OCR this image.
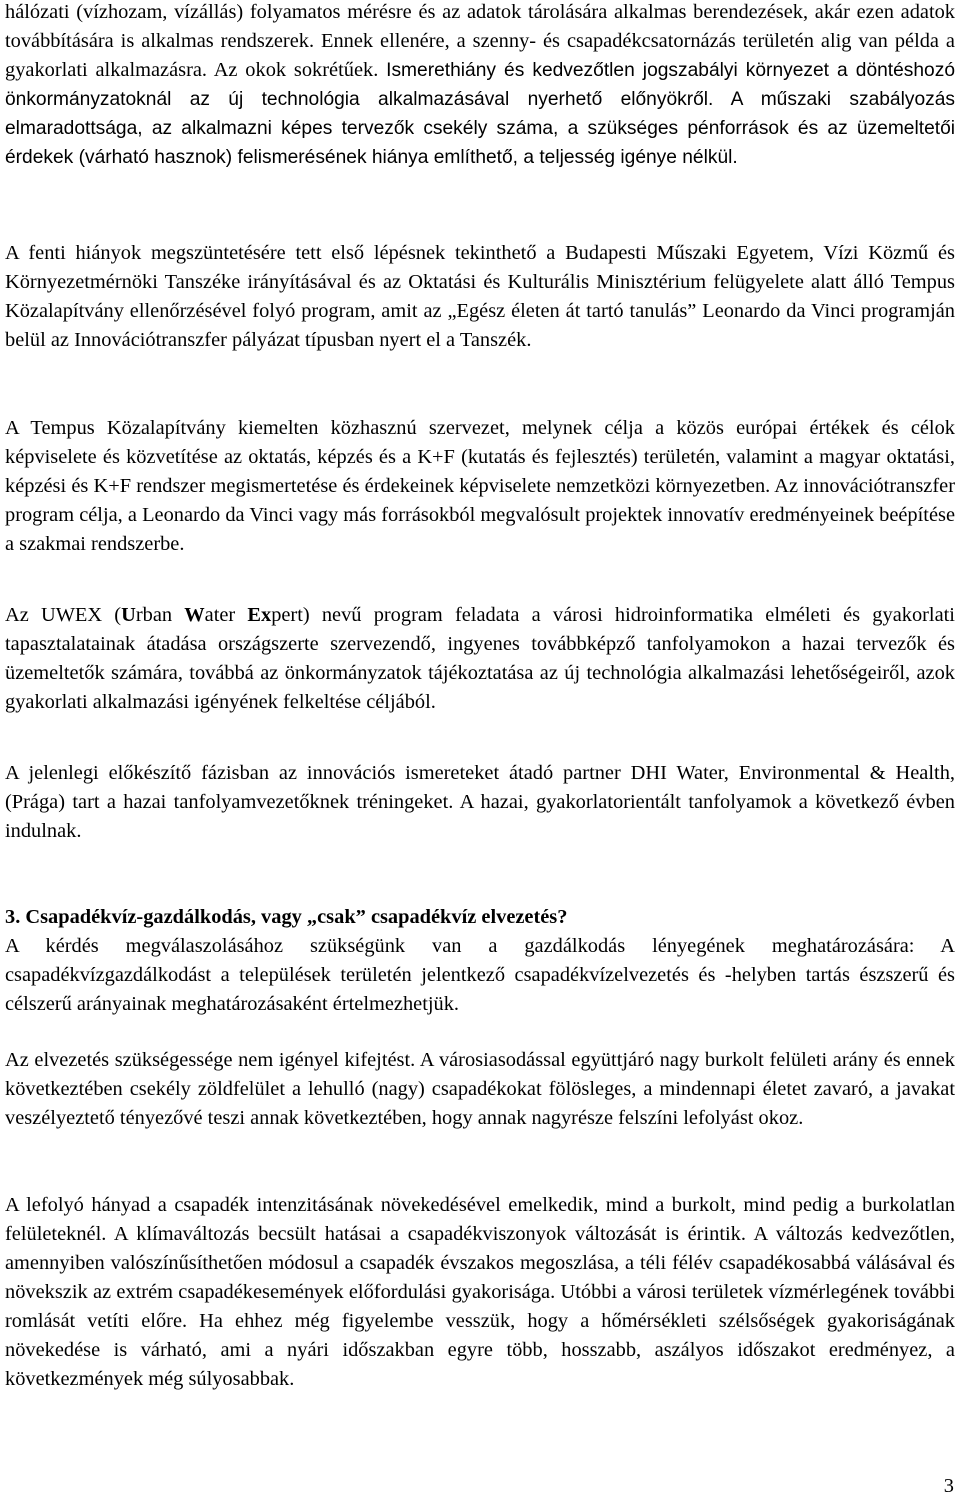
hálózati (vízhozam, vízállás) folyamatos mérésre és az adatok tárolására alkalmas berendezések, akár ezen adatok továbbítására is alkalmas rendszerek. Ennek ellenére, a szenny- és csapadékcsatornázás területén alig van példa a gyakorlati alkalmazásra. Az okok sokrétűek. Ismerethiány és kedvezőtlen jogszabályi környezet a döntéshozó önkormányzatoknál az új technológia alkalmazásával nyerhető előnyökről. A műszaki szabályozás elmaradottsága, az alkalmazni képes tervezők csekély száma, a szükséges pénforrások és az üzemeltetői érdekek (várható hasznok) felismerésének hiánya említhető, a teljesség igénye nélkül.

A fenti hiányok megszüntetésére tett első lépésnek tekinthető a Budapesti Műszaki Egyetem, Vízi Közmű és Környezetmérnöki Tanszéke irányításával és az Oktatási és Kulturális Minisztérium felügyelete alatt álló Tempus Közalapítvány ellenőrzésével folyó program, amit az „Egész életen át tartó tanulás” Leonardo da Vinci programján belül az Innovációtranszfer pályázat típusban nyert el a Tanszék.

A Tempus Közalapítvány kiemelten közhasznú szervezet, melynek célja a közös európai értékek és célok képviselete és közvetítése az oktatás, képzés és a K+F (kutatás és fejlesztés) területén, valamint a magyar oktatási, képzési és K+F rendszer megismertetése és érdekeinek képviselete nemzetközi környezetben. Az innovációtranszfer program célja, a Leonardo da Vinci vagy más forrásokból megvalósult projektek innovatív eredményeinek beépítése a szakmai rendszerbe.

Az UWEX (Urban Water Expert) nevű program feladata a városi hidroinformatika elméleti és gyakorlati tapasztalatainak átadása országszerte szervezendő, ingyenes továbbképző tanfolyamokon a hazai tervezők és üzemeltetők számára, továbbá az önkormányzatok tájékoztatása az új technológia alkalmazási lehetőségeiről, azok gyakorlati alkalmazási igényének felkeltése céljából.

A jelenlegi előkészítő fázisban az innovációs ismereteket átadó partner DHI Water, Environmental & Health, (Prága) tart a hazai tanfolyamvezetőknek tréningeket. A hazai, gyakorlatorientált tanfolyamok a következő évben indulnak.

3. Csapadékvíz-gazdálkodás, vagy „csak” csapadékvíz elvezetés?

A kérdés megválaszolásához szükségünk van a gazdálkodás lényegének meghatározására: A csapadékvízgazdálkodást a települések területén jelentkező csapadékvízelvezetés és -helyben tartás észszerű és célszerű arányainak meghatározásaként értelmezhetjük.

Az elvezetés szükségessége nem igényel kifejtést. A városiasodással együttjáró nagy burkolt felületi arány és ennek következtében csekély zöldfelület a lehulló (nagy) csapadékokat fölösleges, a mindennapi életet zavaró, a javakat veszélyeztető tényezővé teszi annak következtében, hogy annak nagyrésze felszíni lefolyást okoz.

A lefolyó hányad a csapadék intenzitásának növekedésével emelkedik, mind a burkolt, mind pedig a burkolatlan felületeknél. A klímaváltozás becsült hatásai a csapadékviszonyok változását is érintik. A változás kedvezőtlen, amennyiben valószínűsíthetően módosul a csapadék évszakos megoszlása, a téli félév csapadékosabbá válásával és növekszik az extrém csapadékesemények előfordulási gyakorisága. Utóbbi a városi területek vízmérlegének további romlását vetíti előre. Ha ehhez még figyelembe vesszük, hogy a hőmérsékleti szélsőségek gyakoriságának növekedése is várható, ami a nyári időszakban egyre több, hosszabb, aszályos időszakot eredményez, a következmények még súlyosabbak.

3
